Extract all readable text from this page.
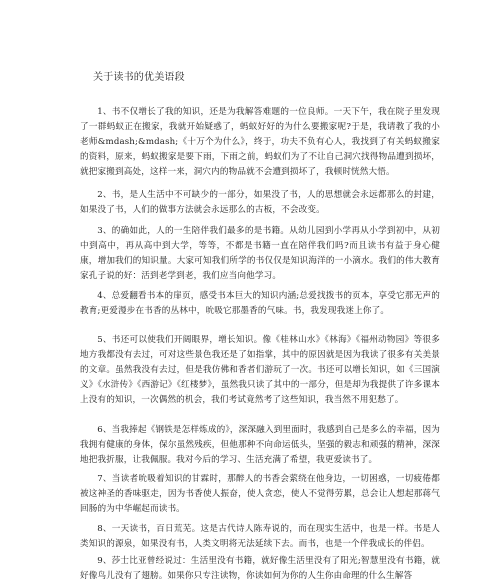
关于读书的优美语段

1、书不仅增长了我的知识，还是为我解答难题的一位良师。一天下午，我在院子里发现了一群蚂蚁正在搬家，我就开始疑惑了，蚂蚁好好的为什么要搬家呢?于是，我请教了我的小老师&mdash;&mdash;《十万个为什么》，终于，功夫不负有心人，我找到了有关蚂蚁搬家的资料，原来，蚂蚁搬家是要下雨，下雨之前，蚂蚁们为了不让自己洞穴找得物品遭到损坏，就把家搬到高处，这样一来，洞穴内的物品就不会遭到损坏了，我顿时恍然大悟。

2、书，是人生活中不可缺少的一部分，如果没了书，人的思想就会永远都那么的封建，如果没了书，人们的做事方法就会永远那么的古板，不会改变。

3、的确如此，人的一生陪伴我们最多的是书籍。从幼儿园到小学再从小学到初中，从初中到高中，再从高中到大学，等等，不都是书籍一直在陪伴我们吗?而且读书有益于身心健康，增加我们的知识量。大家可知我们所学的书仅仅是知识海洋的一小滴水。我们的伟大教育家孔子说的好：活到老学到老，我们应当向他学习。

4、总爱翻看书本的扉页，感受书本巨大的知识内涵;总爱找拨书的页本，享受它那无声的教育;更爱漫步在书香的丛林中，吮吸它那墨香的气味。书，我发现我迷上你了。

5、书还可以使我们开阔眼界，增长知识。像《桂林山水》《林海》《福州动物园》等很多地方我都没有去过，可对这些景色我还是了如指掌，其中的原因就是因为我读了很多有关美景的文章。虽然我没有去过，但是我仿佛和香者们游玩了一次。书还可以增长知识，如《三国演义》《水浒传》《西游记》《红楼梦》，虽然我只读了其中的一部分，但是却为我提供了许多课本上没有的知识，一次偶然的机会，我们考试竟然考了这些知识，我当然不用犯愁了。

6、当我捧起《钢铁是怎样炼成的》，深深融入到里面时，我感到自己是多么的幸福，因为我拥有健康的身体，保尔虽然残疾，但他那种不向命运低头，坚强的毅志和顽强的精神，深深地把我折服，让我佩服。我对今后的学习、生活充满了希望，我更爱读书了。

7、当读者吮吸着知识的甘霖时，那醉人的书香会萦绕在他身边，一切困惑，一切疲倦都被这神圣的香味驱走，因为书香使人振奋，使人贪恋，使人不觉得劳累，总会让人想起那蒋气回肠的为中华崛起而读书。

8、一天读书，百日荒芜。这是古代诗人陈寿说的，而在现实生活中，也是一样。书是人类知识的源泉，如果没有书，人类文明将无法延续下去。而书，也是一个伴我成长的伴侣。

9、莎士比亚曾经说过：生活里没有书籍，就好像生活里没有了阳光;智慧里没有书籍，就好像鸟儿没有了翅膀。如果你只专注读物，你读如何为你的人生你由命理的什么生解答
